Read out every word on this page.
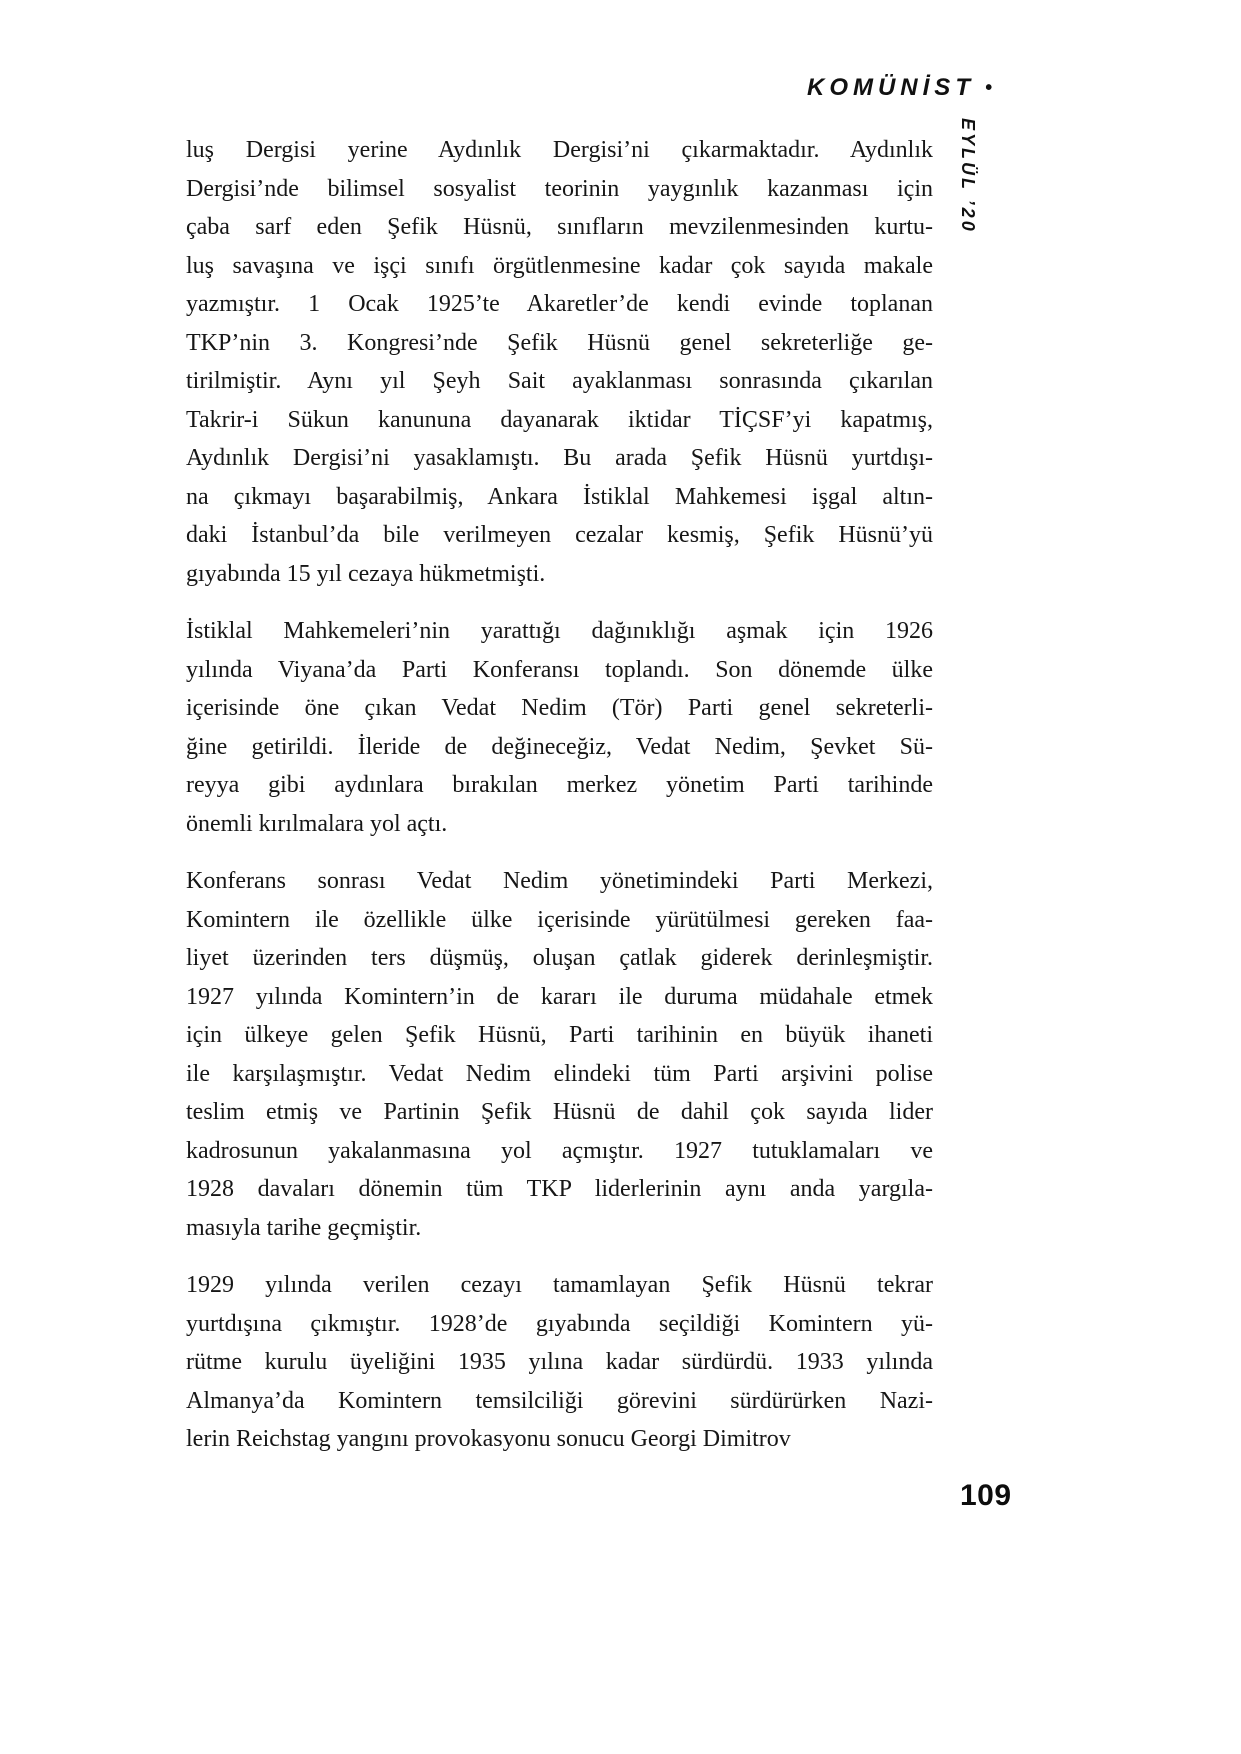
KOMÜNİST •
EYLÜL ’20
luş Dergisi yerine Aydınlık Dergisi’ni çıkarmaktadır. Aydınlık
Dergisi’nde bilimsel sosyalist teorinin yaygınlık kazanması için
çaba sarf eden Şefik Hüsnü, sınıfların mevzilenmesinden kurtu-
luş savaşına ve işçi sınıfı örgütlenmesine kadar çok sayıda makale
yazmıştır. 1 Ocak 1925’te Akaretler’de kendi evinde toplanan
TKP’nin 3. Kongresi’nde Şefik Hüsnü genel sekreterliğe ge-
tirilmiştir. Aynı yıl Şeyh Sait ayaklanması sonrasında çıkarılan
Takrir-i Sükun kanununa dayanarak iktidar TİÇSF’yi kapatmış,
Aydınlık Dergisi’ni yasaklamıştı. Bu arada Şefik Hüsnü yurtdışı-
na çıkmayı başarabilmiş, Ankara İstiklal Mahkemesi işgal altın-
daki İstanbul’da bile verilmeyen cezalar kesmiş, Şefik Hüsnü’yü
gıyabında 15 yıl cezaya hükmetmişti.
İstiklal Mahkemeleri’nin yarattığı dağınıklığı aşmak için 1926
yılında Viyana’da Parti Konferansı toplandı. Son dönemde ülke
içerisinde öne çıkan Vedat Nedim (Tör) Parti genel sekreterli-
ğine getirildi. İleride de değineceğiz, Vedat Nedim, Şevket Sü-
reyya gibi aydınlara bırakılan merkez yönetim Parti tarihinde
önemli kırılmalara yol açtı.
Konferans sonrası Vedat Nedim yönetimindeki Parti Merkezi,
Komintern ile özellikle ülke içerisinde yürütülmesi gereken faa-
liyet üzerinden ters düşmüş, oluşan çatlak giderek derinleşmiştir.
1927 yılında Komintern’in de kararı ile duruma müdahale etmek
için ülkeye gelen Şefik Hüsnü, Parti tarihinin en büyük ihaneti
ile karşılaşmıştır. Vedat Nedim elindeki tüm Parti arşivini polise
teslim etmiş ve Partinin Şefik Hüsnü de dahil çok sayıda lider
kadrosunun yakalanmasına yol açmıştır. 1927 tutuklamaları ve
1928 davaları dönemin tüm TKP liderlerinin aynı anda yargıla-
masıyla tarihe geçmiştir.
1929 yılında verilen cezayı tamamlayan Şefik Hüsnü tekrar
yurtdışına çıkmıştır. 1928’de gıyabında seçildiği Komintern yü-
rütme kurulu üyeliğini 1935 yılına kadar sürdürdü. 1933 yılında
Almanya’da Komintern temsilciliği görevini sürdürürken Nazi-
lerin Reichstag yangını provokasyonu sonucu Georgi Dimitrov
109
